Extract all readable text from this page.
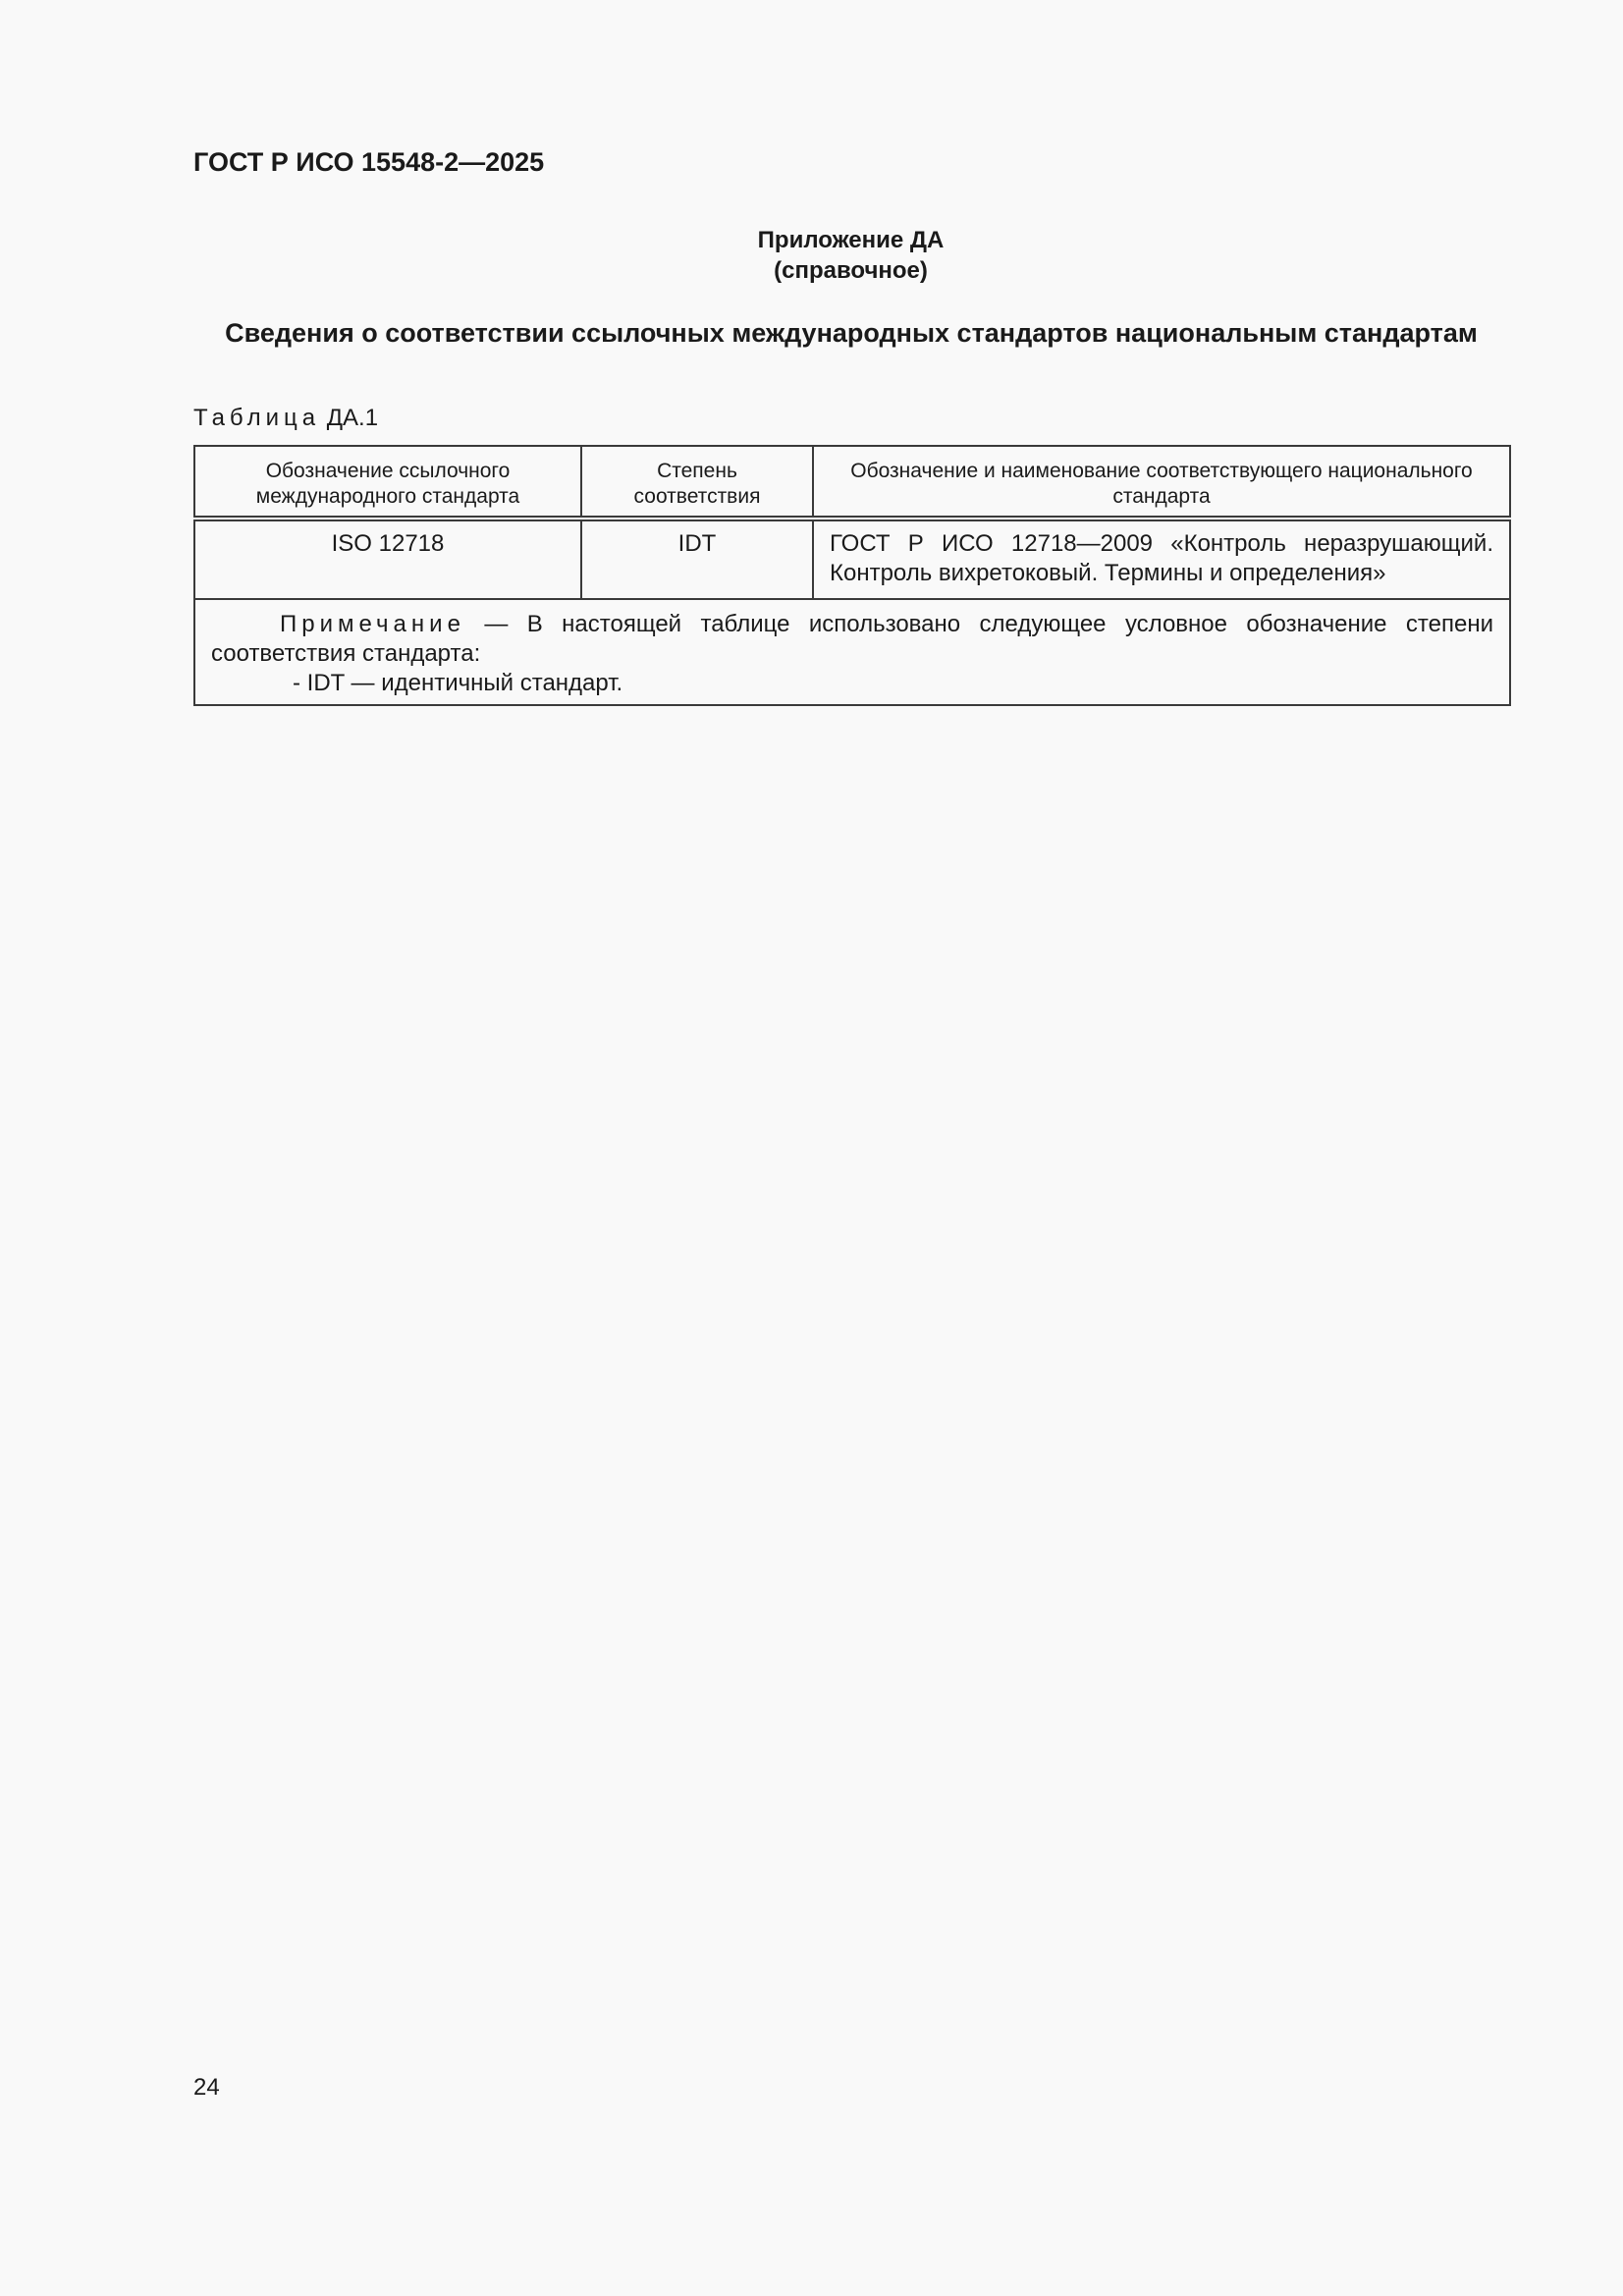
ГОСТ Р ИСО 15548-2—2025
Приложение ДА
(справочное)
Сведения о соответствии ссылочных международных стандартов национальным стандартам
Таблица ДА.1
Обозначение ссылочного международного стандарта	Степень соответствия	Обозначение и наименование соответствующего национального стандарта
ISO 12718	IDT	ГОСТ Р ИСО 12718—2009 «Контроль неразрушающий. Контроль вихретоковый. Термины и определения»

Примечание — В настоящей таблице использовано следующее условное обозначение степени
соответствия стандарта:
- IDT — идентичный стандарт.		
24
